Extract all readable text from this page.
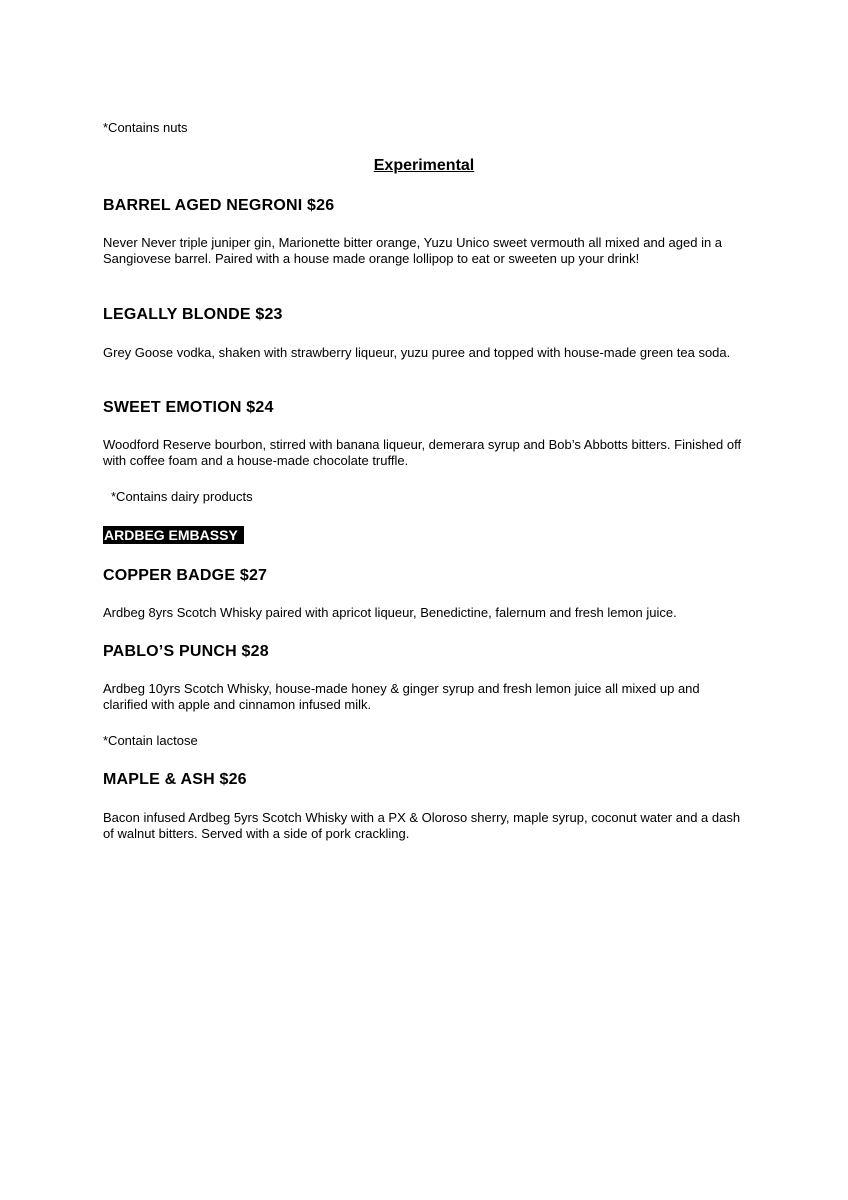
*Contains nuts
Experimental
BARREL AGED NEGRONI $26
Never Never triple juniper gin, Marionette bitter orange, Yuzu Unico sweet vermouth all mixed and aged in a Sangiovese barrel. Paired with a house made orange lollipop to eat or sweeten up your drink!
LEGALLY BLONDE $23
Grey Goose vodka, shaken with strawberry liqueur, yuzu puree and topped with house-made green tea soda.
SWEET EMOTION $24
Woodford Reserve bourbon, stirred with banana liqueur, demerara syrup and Bob’s Abbotts bitters. Finished off with coffee foam and a house-made chocolate truffle.
*Contains dairy products
ARDBEG EMBASSY
COPPER BADGE $27
Ardbeg 8yrs Scotch Whisky paired with apricot liqueur, Benedictine, falernum and fresh lemon juice.
PABLO’S PUNCH $28
Ardbeg 10yrs Scotch Whisky, house-made honey & ginger syrup and fresh lemon juice all mixed up and clarified with apple and cinnamon infused milk.
*Contain lactose
MAPLE & ASH $26
Bacon infused Ardbeg 5yrs Scotch Whisky with a PX & Oloroso sherry, maple syrup, coconut water and a dash of walnut bitters. Served with a side of pork crackling.
